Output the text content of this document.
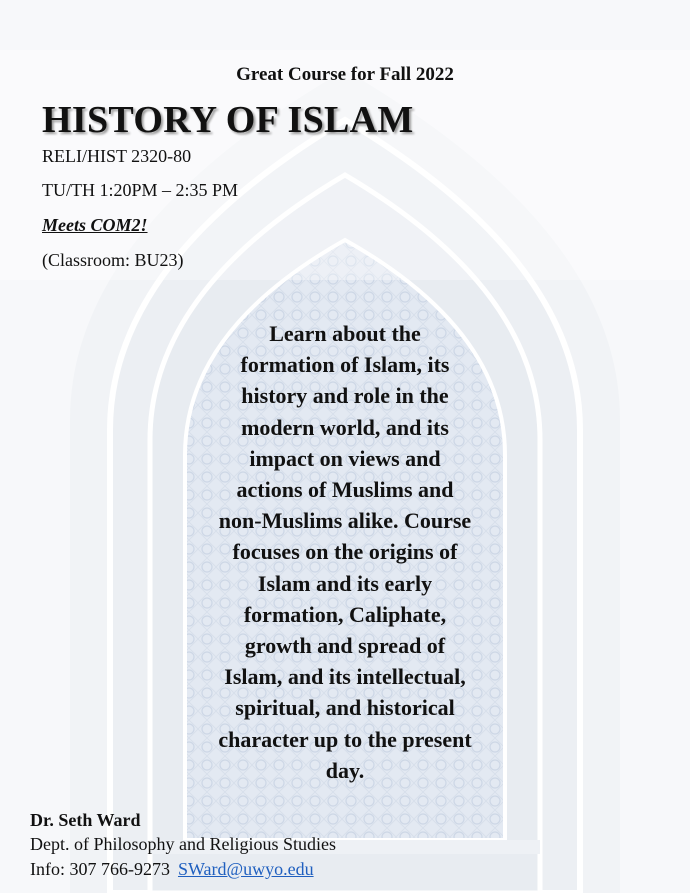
Great Course for Fall 2022
HISTORY OF ISLAM
RELI/HIST 2320-80
TU/TH 1:20PM – 2:35 PM
Meets COM2!
(Classroom: BU23)
Learn about the
formation of Islam, its
history and role in the
modern world, and its
impact on views and
actions of Muslims and
non-Muslims alike. Course
focuses on the origins of
Islam and its early
formation, Caliphate,
growth and spread of
Islam, and its intellectual,
spiritual, and historical
character up to the present
day.
Dr. Seth Ward
Dept. of Philosophy and Religious Studies
Info: 307 766-9273 SWard@uwyo.edu
